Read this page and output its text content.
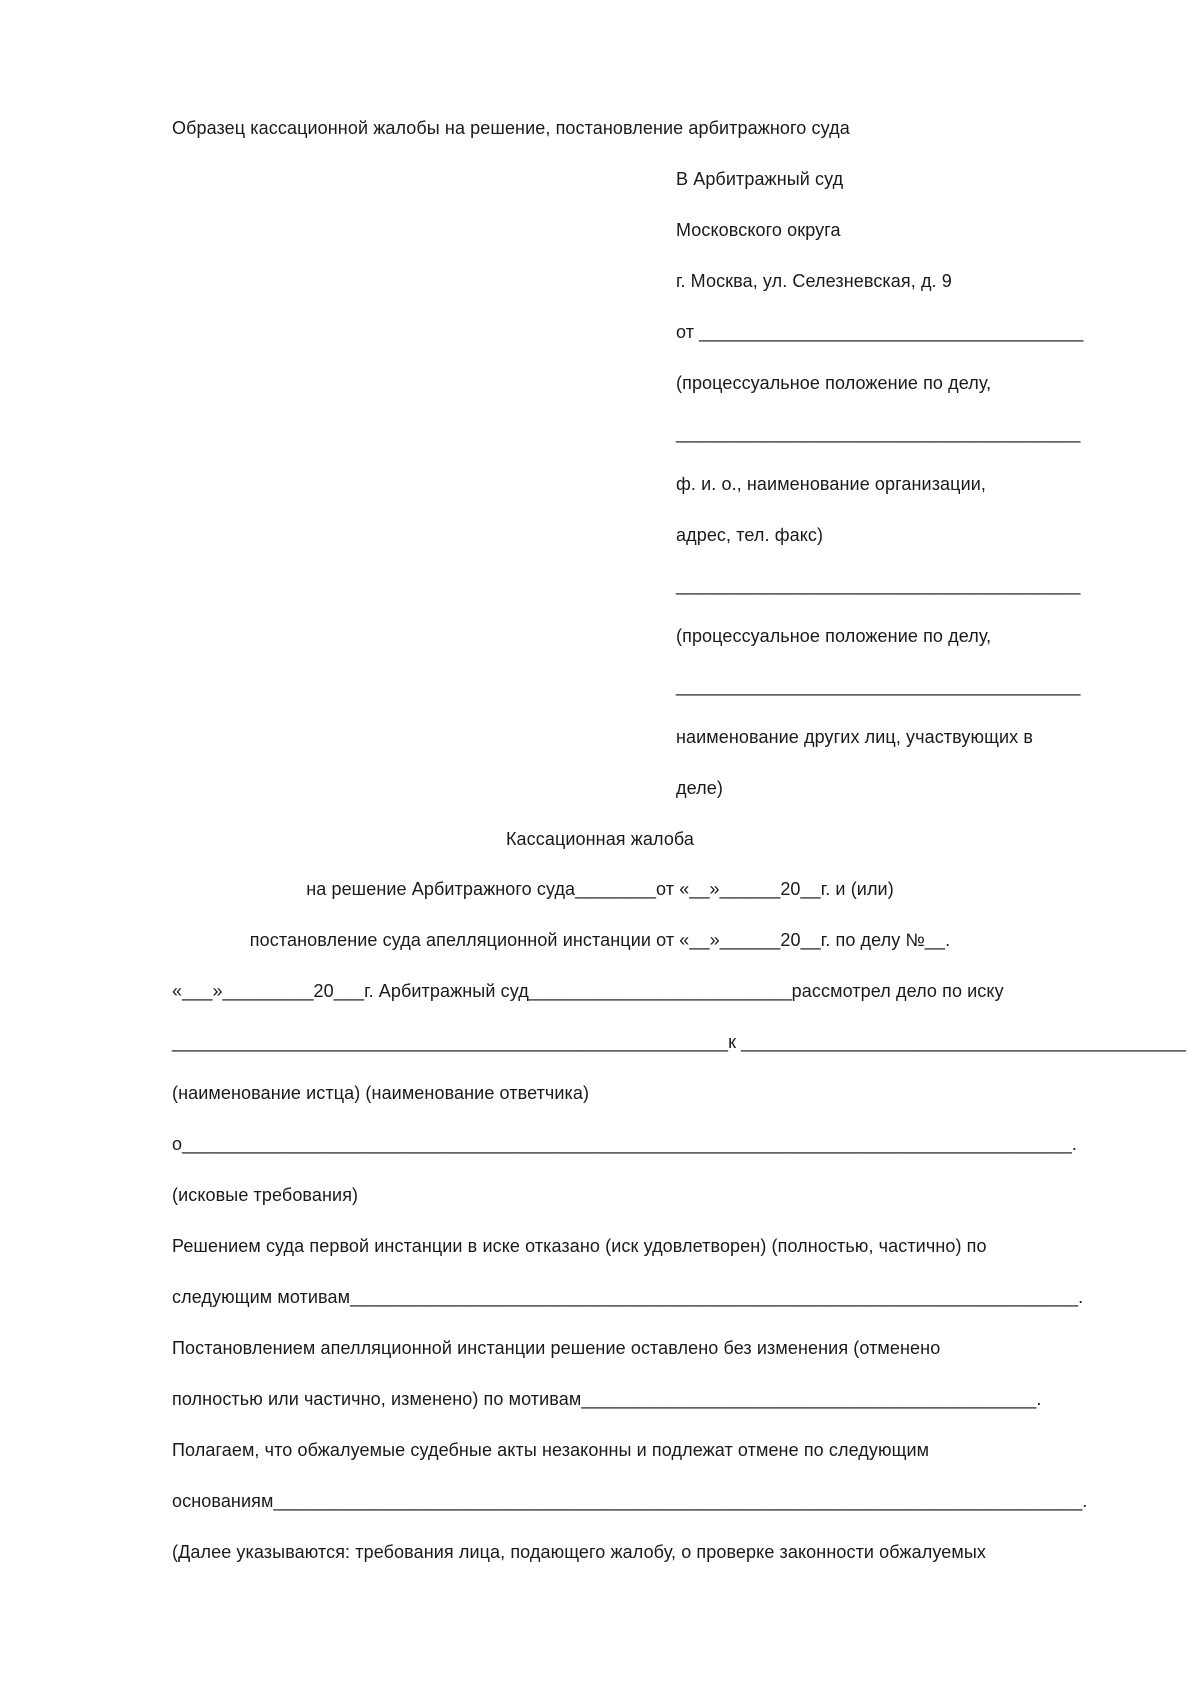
Образец кассационной жалобы на решение, постановление арбитражного суда
В Арбитражный суд
Московского округа
г. Москва, ул. Селезневская, д. 9
от ______________________________________
(процессуальное положение по делу,
________________________________________
ф. и. о., наименование организации,
адрес, тел. факс)
________________________________________
(процессуальное положение по делу,
________________________________________
наименование других лиц, участвующих в
деле)
Кассационная жалоба
на решение Арбитражного суда________от «__»______20__г. и (или)
постановление суда апелляционной инстанции от «__»______20__г. по делу №__.
«___»_________20___г. Арбитражный суд__________________________рассмотрел дело по иску
_______________________________________________________к ____________________________________________
(наименование истца) (наименование ответчика)
о________________________________________________________________________________________.
(исковые требования)
Решением суда первой инстанции в иске отказано (иск удовлетворен) (полностью, частично) по
следующим мотивам________________________________________________________________________.
Постановлением апелляционной инстанции решение оставлено без изменения (отменено
полностью или частично, изменено) по мотивам_____________________________________________.
Полагаем, что обжалуемые судебные акты незаконны и подлежат отмене по следующим
основаниям________________________________________________________________________________.
(Далее указываются: требования лица, подающего жалобу, о проверке законности обжалуемых
